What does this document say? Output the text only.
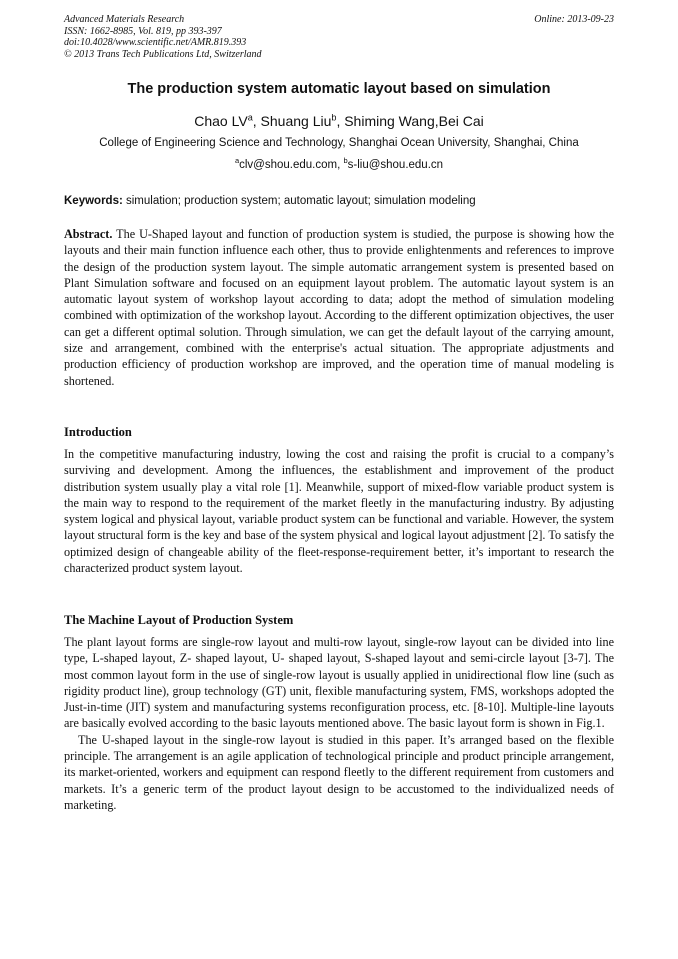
Advanced Materials Research
ISSN: 1662-8985, Vol. 819, pp 393-397
doi:10.4028/www.scientific.net/AMR.819.393
© 2013 Trans Tech Publications Ltd, Switzerland
Online: 2013-09-23
The production system automatic layout based on simulation
Chao $LV^a$, Shuang Liu$^b$, Shiming Wang,Bei Cai
College of Engineering Science and Technology, Shanghai Ocean University, Shanghai, China
$^a$clv@shou.edu.com, $^b$s-liu@shou.edu.cn
Keywords: simulation; production system; automatic layout; simulation modeling

Abstract. The U-Shaped layout and function of production system is studied, the purpose is showing how the layouts and their main function influence each other, thus to provide enlightenments and references to improve the design of the production system layout. The simple automatic arrangement system is presented based on Plant Simulation software and focused on an equipment layout problem. The automatic layout system is an automatic layout system of workshop layout according to data; adopt the method of simulation modeling combined with optimization of the workshop layout. According to the different optimization objectives, the user can get a different optimal solution. Through simulation, we can get the default layout of the carrying amount, size and arrangement, combined with the enterprise's actual situation. The appropriate adjustments and production efficiency of production workshop are improved, and the operation time of manual modeling is shortened.

Introduction

In the competitive manufacturing industry, lowing the cost and raising the profit is crucial to a company’s surviving and development. Among the influences, the establishment and improvement of the product distribution system usually play a vital role [1]. Meanwhile, support of mixed-flow variable product system is the main way to respond to the requirement of the market fleetly in the manufacturing industry. By adjusting system logical and physical layout, variable product system can be functional and variable. However, the system layout structural form is the key and base of the system physical and logical layout adjustment [2]. To satisfy the optimized design of changeable ability of the fleet-response-requirement better, it’s important to research the characterized product system layout.

The Machine Layout of Production System

The plant layout forms are single-row layout and multi-row layout, single-row layout can be divided into line type, L-shaped layout, Z- shaped layout, U- shaped layout, S-shaped layout and semi-circle layout [3-7]. The most common layout form in the use of single-row layout is usually applied in unidirectional flow line (such as rigidity product line), group technology (GT) unit, flexible manufacturing system, FMS, workshops adopted the Just-in-time (JIT) system and manufacturing systems reconfiguration process, etc. [8-10]. Multiple-line layouts are basically evolved according to the basic layouts mentioned above. The basic layout form is shown in Fig.1.

The U-shaped layout in the single-row layout is studied in this paper. It’s arranged based on the flexible principle. The arrangement is an agile application of technological principle and product principle arrangement, its market-oriented, workers and equipment can respond fleetly to the different requirement from customers and markets. It’s a generic term of the product layout design to be accustomed to the individualized needs of marketing.
